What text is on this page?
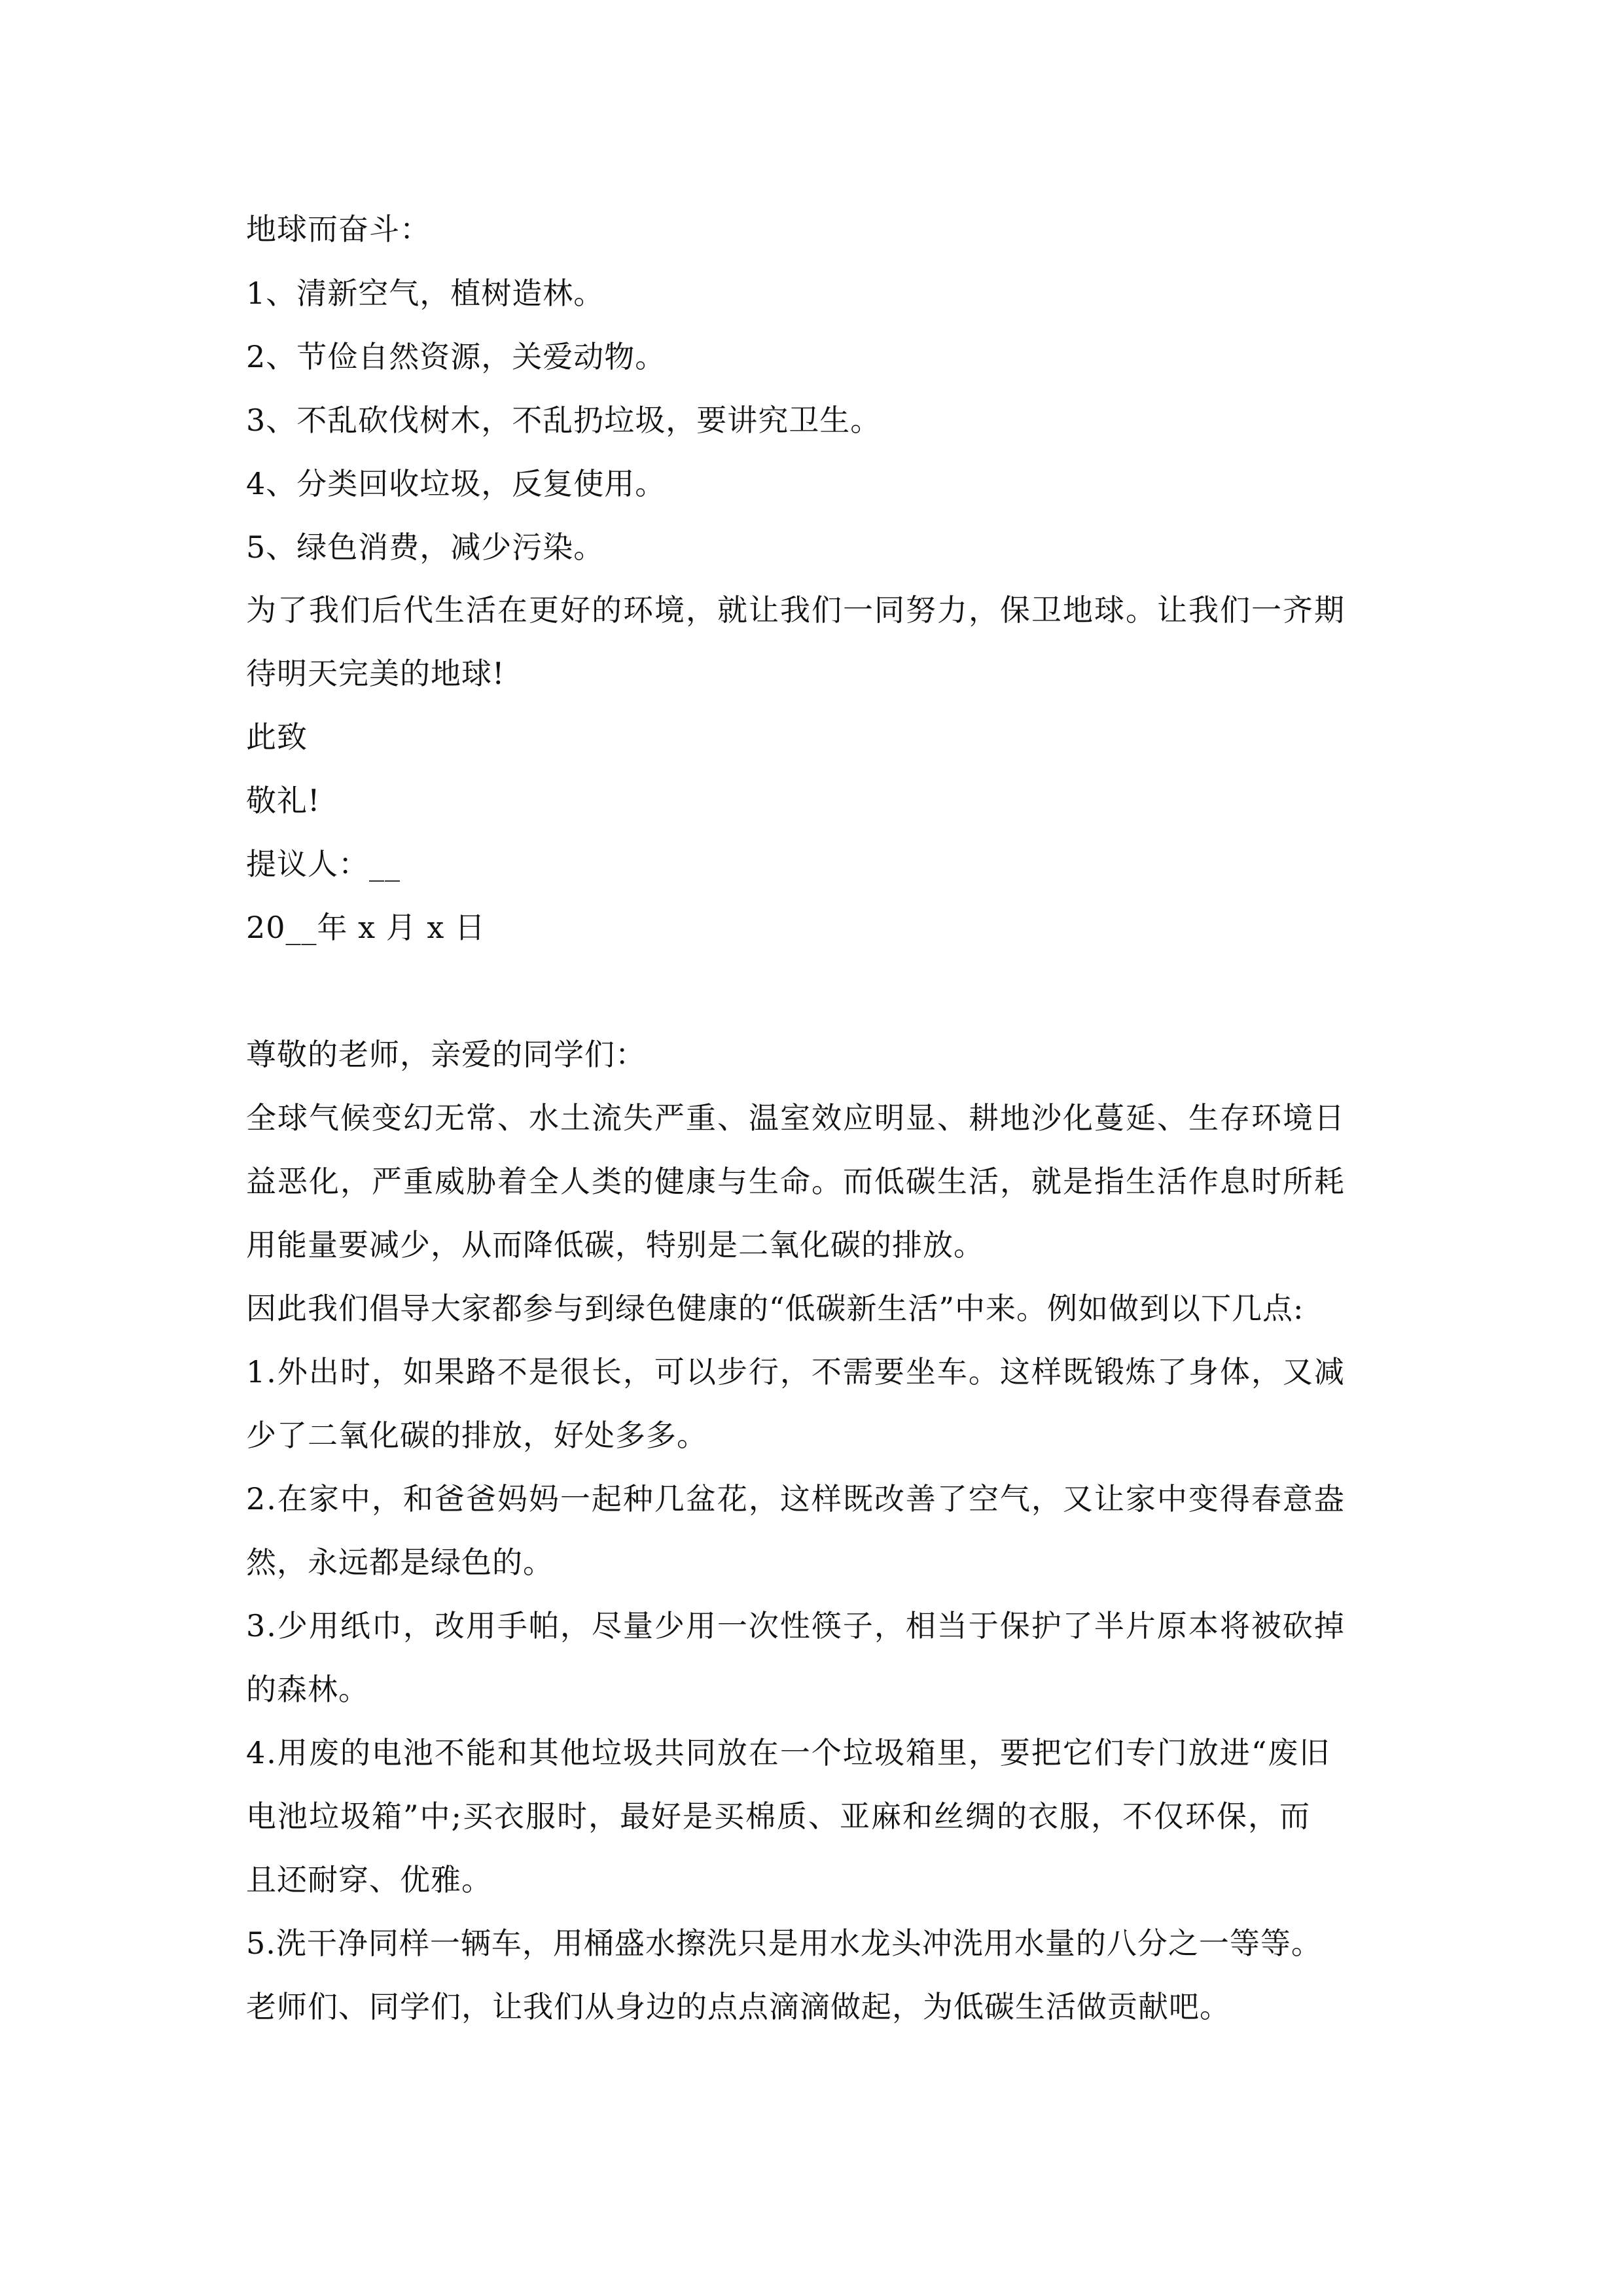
地球而奋斗：
1、清新空气，植树造林。
2、节俭自然资源，关爱动物。
3、不乱砍伐树木，不乱扔垃圾，要讲究卫生。
4、分类回收垃圾，反复使用。
5、绿色消费，减少污染。
为了我们后代生活在更好的环境，就让我们一同努力，保卫地球。让我们一齐期
待明天完美的地球!
此致
敬礼!
提议人：__
20__年 x 月 x 日
尊敬的老师，亲爱的同学们：
全球气候变幻无常、水土流失严重、温室效应明显、耕地沙化蔓延、生存环境日
益恶化，严重威胁着全人类的健康与生命。而低碳生活，就是指生活作息时所耗
用能量要减少，从而降低碳，特别是二氧化碳的排放。
因此我们倡导大家都参与到绿色健康的“低碳新生活”中来。例如做到以下几点:
1.外出时，如果路不是很长，可以步行，不需要坐车。这样既锻炼了身体，又减
少了二氧化碳的排放，好处多多。
2.在家中，和爸爸妈妈一起种几盆花，这样既改善了空气，又让家中变得春意盎
然，永远都是绿色的。
3.少用纸巾，改用手帕，尽量少用一次性筷子，相当于保护了半片原本将被砍掉
的森林。
4.用废的电池不能和其他垃圾共同放在一个垃圾箱里，要把它们专门放进“废旧
电池垃圾箱”中;买衣服时，最好是买棉质、亚麻和丝绸的衣服，不仅环保，而
且还耐穿、优雅。
5.洗干净同样一辆车，用桶盛水擦洗只是用水龙头冲洗用水量的八分之一等等。
老师们、同学们，让我们从身边的点点滴滴做起，为低碳生活做贡献吧。
